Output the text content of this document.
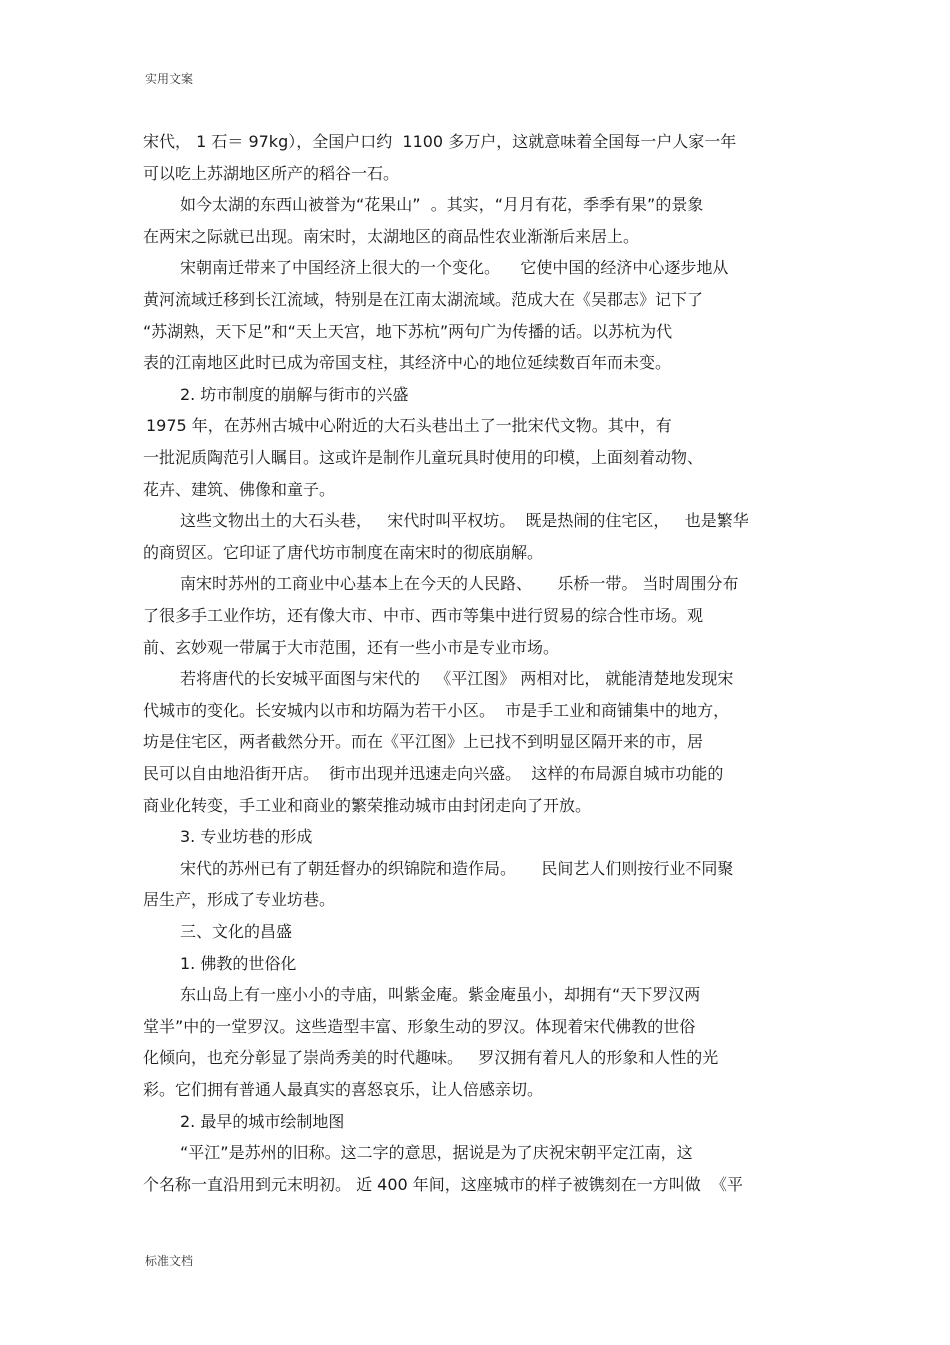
实用文案
宋代， 1 石＝ 97kg），全国户口约  1100 多万户，这就意味着全国每一户人家一年
可以吃上苏湖地区所产的稻谷一石。
如今太湖的东西山被誉为“花果山”  。其实，“月月有花，季季有果”的景象
在两宋之际就已出现。南宋时，太湖地区的商品性农业渐渐后来居上。
宋朝南迁带来了中国经济上很大的一个变化。    它使中国的经济中心逐步地从
黄河流域迁移到长江流域，特别是在江南太湖流域。范成大在《吴郡志》记下了
“苏湖熟，天下足”和“天上天宫，地下苏杭”两句广为传播的话。以苏杭为代
表的江南地区此时已成为帝国支柱，其经济中心的地位延续数百年而未变。
2. 坊市制度的崩解与街市的兴盛
1975 年，在苏州古城中心附近的大石头巷出土了一批宋代文物。其中，有
一批泥质陶范引人瞩目。这或许是制作儿童玩具时使用的印模，上面刻着动物、
花卉、建筑、佛像和童子。
这些文物出土的大石头巷，   宋代时叫平权坊。  既是热闹的住宅区，   也是繁华
的商贸区。它印证了唐代坊市制度在南宋时的彻底崩解。
南宋时苏州的工商业中心基本上在今天的人民路、     乐桥一带。 当时周围分布
了很多手工业作坊，还有像大市、中市、西市等集中进行贸易的综合性市场。观
前、玄妙观一带属于大市范围，还有一些小市是专业市场。
若将唐代的长安城平面图与宋代的   《平江图》 两相对比， 就能清楚地发现宋
代城市的变化。长安城内以市和坊隔为若干小区。  市是手工业和商铺集中的地方，
坊是住宅区，两者截然分开。而在《平江图》上已找不到明显区隔开来的市，居
民可以自由地沿街开店。  街市出现并迅速走向兴盛。  这样的布局源自城市功能的
商业化转变，手工业和商业的繁荣推动城市由封闭走向了开放。
3. 专业坊巷的形成
宋代的苏州已有了朝廷督办的织锦院和造作局。     民间艺人们则按行业不同聚
居生产，形成了专业坊巷。
三、文化的昌盛
1. 佛教的世俗化
东山岛上有一座小小的寺庙，叫紫金庵。紫金庵虽小，却拥有“天下罗汉两
堂半”中的一堂罗汉。这些造型丰富、形象生动的罗汉。体现着宋代佛教的世俗
化倾向，也充分彰显了崇尚秀美的时代趣味。   罗汉拥有着凡人的形象和人性的光
彩。它们拥有普通人最真实的喜怒哀乐，让人倍感亲切。
2. 最早的城市绘制地图
“平江”是苏州的旧称。这二字的意思，据说是为了庆祝宋朝平定江南，这
个名称一直沿用到元末明初。 近 400 年间，这座城市的样子被镌刻在一方叫做  《平
标准文档
